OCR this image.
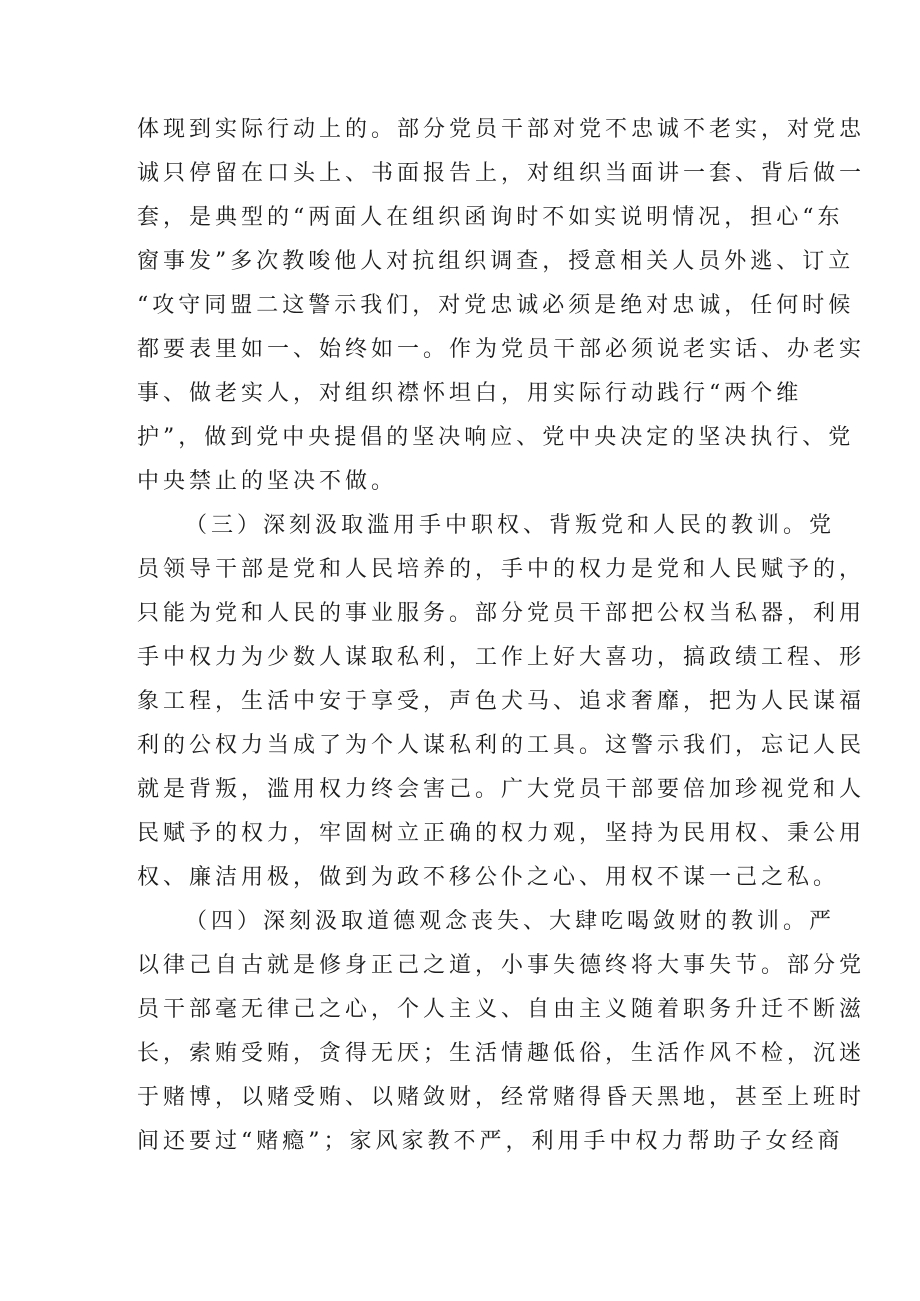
体现到实际行动上的。部分党员干部对党不忠诚不老实，对党忠
诚只停留在口头上、书面报告上，对组织当面讲一套、背后做一
套，是典型的“两面人在组织函询时不如实说明情况，担心“东
窗事发”多次教唆他人对抗组织调查，授意相关人员外逃、订立
“攻守同盟二这警示我们，对党忠诚必须是绝对忠诚，任何时候
都要表里如一、始终如一。作为党员干部必须说老实话、办老实
事、做老实人，对组织襟怀坦白，用实际行动践行“两个维
护”，做到党中央提倡的坚决响应、党中央决定的坚决执行、党
中央禁止的坚决不做。
（三）深刻汲取滥用手中职权、背叛党和人民的教训。党
员领导干部是党和人民培养的，手中的权力是党和人民赋予的，
只能为党和人民的事业服务。部分党员干部把公权当私器，利用
手中权力为少数人谋取私利，工作上好大喜功，搞政绩工程、形
象工程，生活中安于享受，声色犬马、追求奢靡，把为人民谋福
利的公权力当成了为个人谋私利的工具。这警示我们，忘记人民
就是背叛，滥用权力终会害己。广大党员干部要倍加珍视党和人
民赋予的权力，牢固树立正确的权力观，坚持为民用权、秉公用
权、廉洁用极，做到为政不移公仆之心、用权不谋一己之私。
（四）深刻汲取道德观念丧失、大肆吃喝敛财的教训。严
以律己自古就是修身正己之道，小事失德终将大事失节。部分党
员干部毫无律己之心，个人主义、自由主义随着职务升迁不断滋
长，索贿受贿，贪得无厌；生活情趣低俗，生活作风不检，沉迷
于赌博，以赌受贿、以赌敛财，经常赌得昏天黑地，甚至上班时
间还要过“赌瘾”；家风家教不严，利用手中权力帮助子女经商
